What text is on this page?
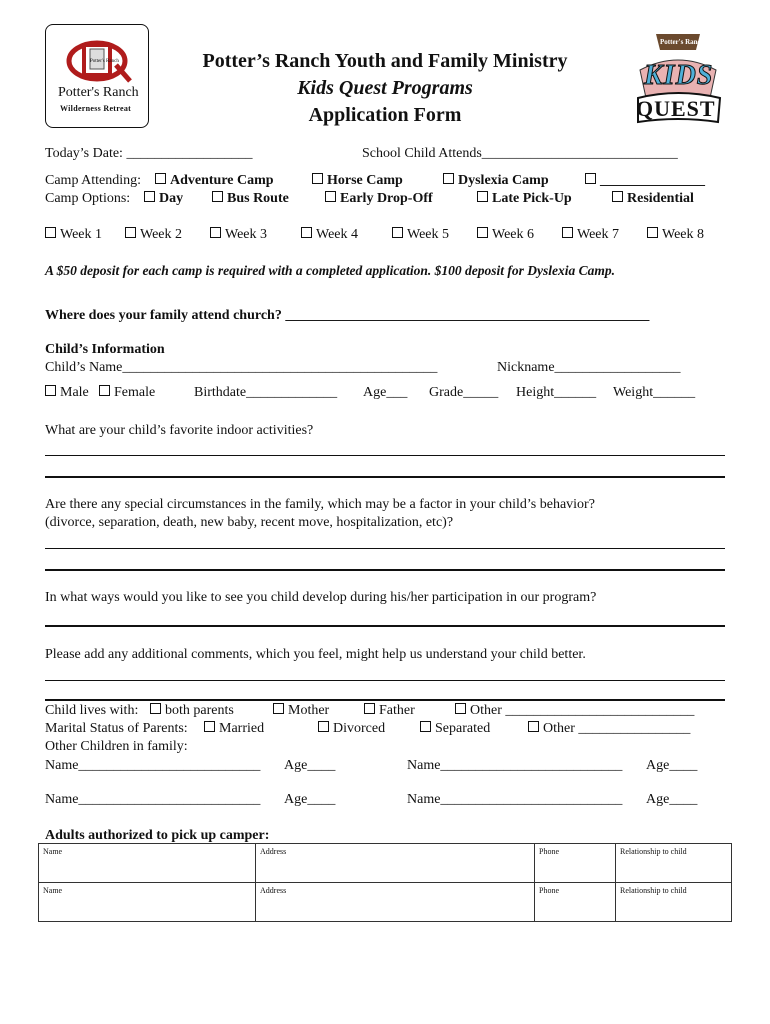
Potter's Ranch
Potter's Ranch
Wilderness Retreat
Potter’s Ranch Youth and Family Ministry
Kids Quest Programs
Application Form
Potter's Ranch
KIDS
QUEST
Today’s Date: __________________	School Child Attends____________________________
Camp Attending:	Adventure Camp	Horse Camp	Dyslexia Camp	_______________
Camp Options:	Day	Bus Route	Early Drop-Off	Late Pick-Up	Residential
Week 1	Week 2	Week 3	Week 4	Week 5	Week 6	Week 7	Week 8
A $50 deposit for each camp is required with a completed application. $100 deposit for Dyslexia Camp.
Where does your family attend church? ____________________________________________________
Child’s Information
Child’s Name_____________________________________________	Nickname__________________
Male	Female	Birthdate_____________ Age___ Grade_____ Height______ Weight______
What are your child’s favorite indoor activities?
Are there any special circumstances in the family, which may be a factor in your child’s behavior?
(divorce, separation, death, new baby, recent move, hospitalization, etc)?
In what ways would you like to see you child develop during his/her participation in our program?
Please add any additional comments, which you feel, might help us understand your child better.
Child lives with:	both parents	Mother	Father	Other ___________________________
Marital Status of Parents:	Married	Divorced	Separated	Other ________________
Other Children in family:
Name__________________________ Age____	Name__________________________ Age____
Name__________________________ Age____	Name__________________________ Age____
Adults authorized to pick up camper:
Name	Address	Phone	Relationship to child
Name	Address	Phone	Relationship to child
